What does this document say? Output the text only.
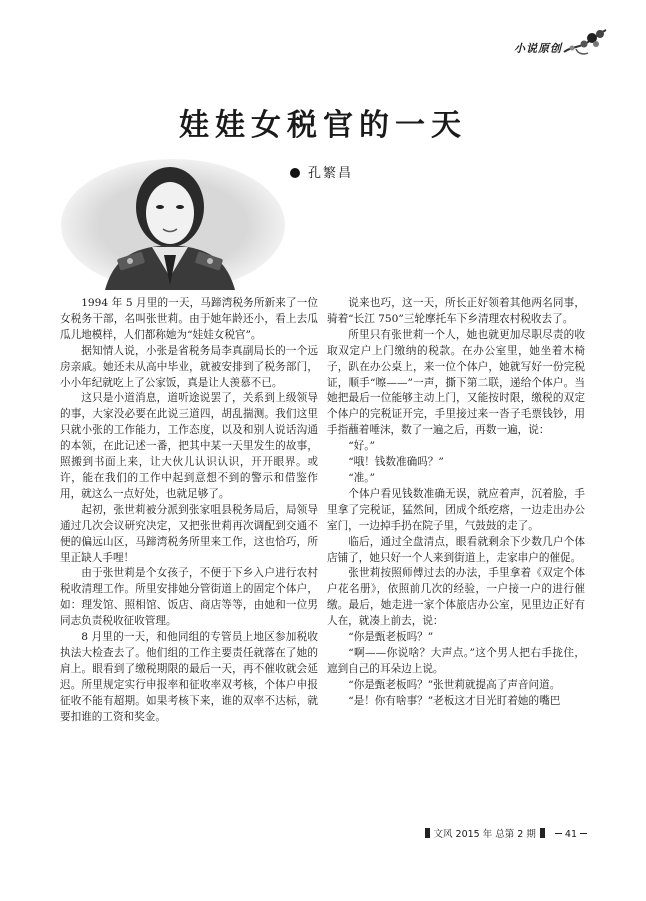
小说原创
娃娃女税官的一天
孔繁昌

1994 年 5 月里的一天，马蹄湾税务所新来了一位女税务干部，名叫张世莉。由于她年龄还小，看上去瓜瓜儿地模样，人们都称她为“娃娃女税官”。

据知情人说，小张是省税务局李真副局长的一个远房亲戚。她还未从高中毕业，就被安排到了税务部门，小小年纪就吃上了公家饭，真是让人羡慕不已。

这只是小道消息，道听途说罢了，关系到上级领导的事，大家没必要在此说三道四，胡乱揣测。我们这里只就小张的工作能力，工作态度，以及和别人说话沟通的本领，在此记述一番，把其中某一天里发生的故事，照搬到书面上来，让大伙儿认识认识，开开眼界。或许，能在我们的工作中起到意想不到的警示和借鉴作用，就这么一点好处，也就足够了。

起初，张世莉被分派到张家咀县税务局后，局领导通过几次会议研究决定，又把张世莉再次调配到交通不便的偏远山区，马蹄湾税务所里来工作，这也恰巧，所里正缺人手哩！

由于张世莉是个女孩子，不便于下乡入户进行农村税收清理工作。所里安排她分管街道上的固定个体户，如：理发馆、照相馆、饭店、商店等等，由她和一位男同志负责税收征收管理。

8 月里的一天，和他同组的专管员上地区参加税收执法大检查去了。他们组的工作主要责任就落在了她的肩上。眼看到了缴税期限的最后一天，再不催收就会延迟。所里规定实行申报率和征收率双考核，个体户申报征收不能有超期。如果考核下来，谁的双率不达标，就要扣谁的工资和奖金。

说来也巧，这一天，所长正好领着其他两名同事，骑着“长江 750”三轮摩托车下乡清理农村税收去了。

所里只有张世莉一个人，她也就更加尽职尽责的收取双定户上门缴纳的税款。在办公室里，她坐着木椅子，趴在办公桌上，来一位个体户，她就写好一份完税证，顺手“嚓——”一声，撕下第二联，递给个体户。当她把最后一位能够主动上门，又能按时限，缴税的双定个体户的完税证开完，手里接过来一沓子毛票钱钞，用手指蘸着唾沫，数了一遍之后，再数一遍，说：

“好。”

“哦！钱数准确吗？”

“准。”

个体户看见钱数准确无误，就应着声，沉着脸，手里拿了完税证，猛然间，团成个纸疙瘩，一边走出办公室门，一边掉手扔在院子里，气鼓鼓的走了。

临后，通过全盘清点，眼看就剩余下少数几户个体店铺了，她只好一个人来到街道上，走家串户的催促。

张世莉按照师傅过去的办法，手里拿着《双定个体户花名册》，依照前几次的经验，一户接一户的进行催缴。最后，她走进一家个体旅店办公室，见里边正好有人在，就凑上前去，说：

“你是甄老板吗？”

“啊——你说啥？大声点。”这个男人把右手拢住，遮到自己的耳朵边上说。

“你是甄老板吗？”张世莉就提高了声音问道。

“是！你有啥事？”老板这才目光盯着她的嘴巴

文风 2015 年 总第 2 期	41
